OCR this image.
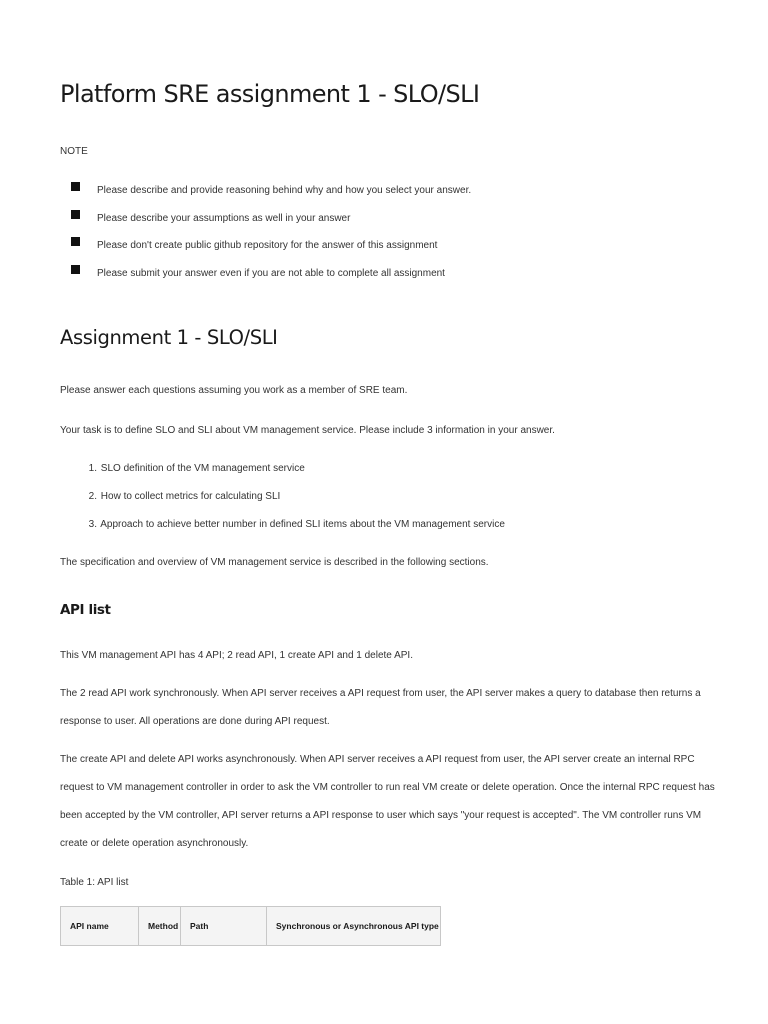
Platform SRE assignment 1 - SLO/SLI
NOTE
Please describe and provide reasoning behind why and how you select your answer.
Please describe your assumptions as well in your answer
Please don't create public github repository for the answer of this assignment
Please submit your answer even if you are not able to complete all assignment
Assignment 1 - SLO/SLI

Please answer each questions assuming you work as a member of SRE team.

Your task is to define SLO and SLI about VM management service. Please include 3 information in your answer.

1. SLO definition of the VM management service
2. How to collect metrics for calculating SLI
3. Approach to achieve better number in defined SLI items about the VM management service

The specification and overview of VM management service is described in the following sections.

API list

This VM management API has 4 API; 2 read API, 1 create API and 1 delete API.

The 2 read API work synchronously. When API server receives a API request from user, the API server makes a query to database then returns a response to user. All operations are done during API request.

The create API and delete API works asynchronously. When API server receives a API request from user, the API server create an internal RPC request to VM management controller in order to ask the VM controller to run real VM create or delete operation. Once the internal RPC request has been accepted by the VM controller, API server returns a API response to user which says "your request is accepted". The VM controller runs VM create or delete operation asynchronously.

Table 1: API list

API name	Method	Path	Synchronous or Asynchronous API type
